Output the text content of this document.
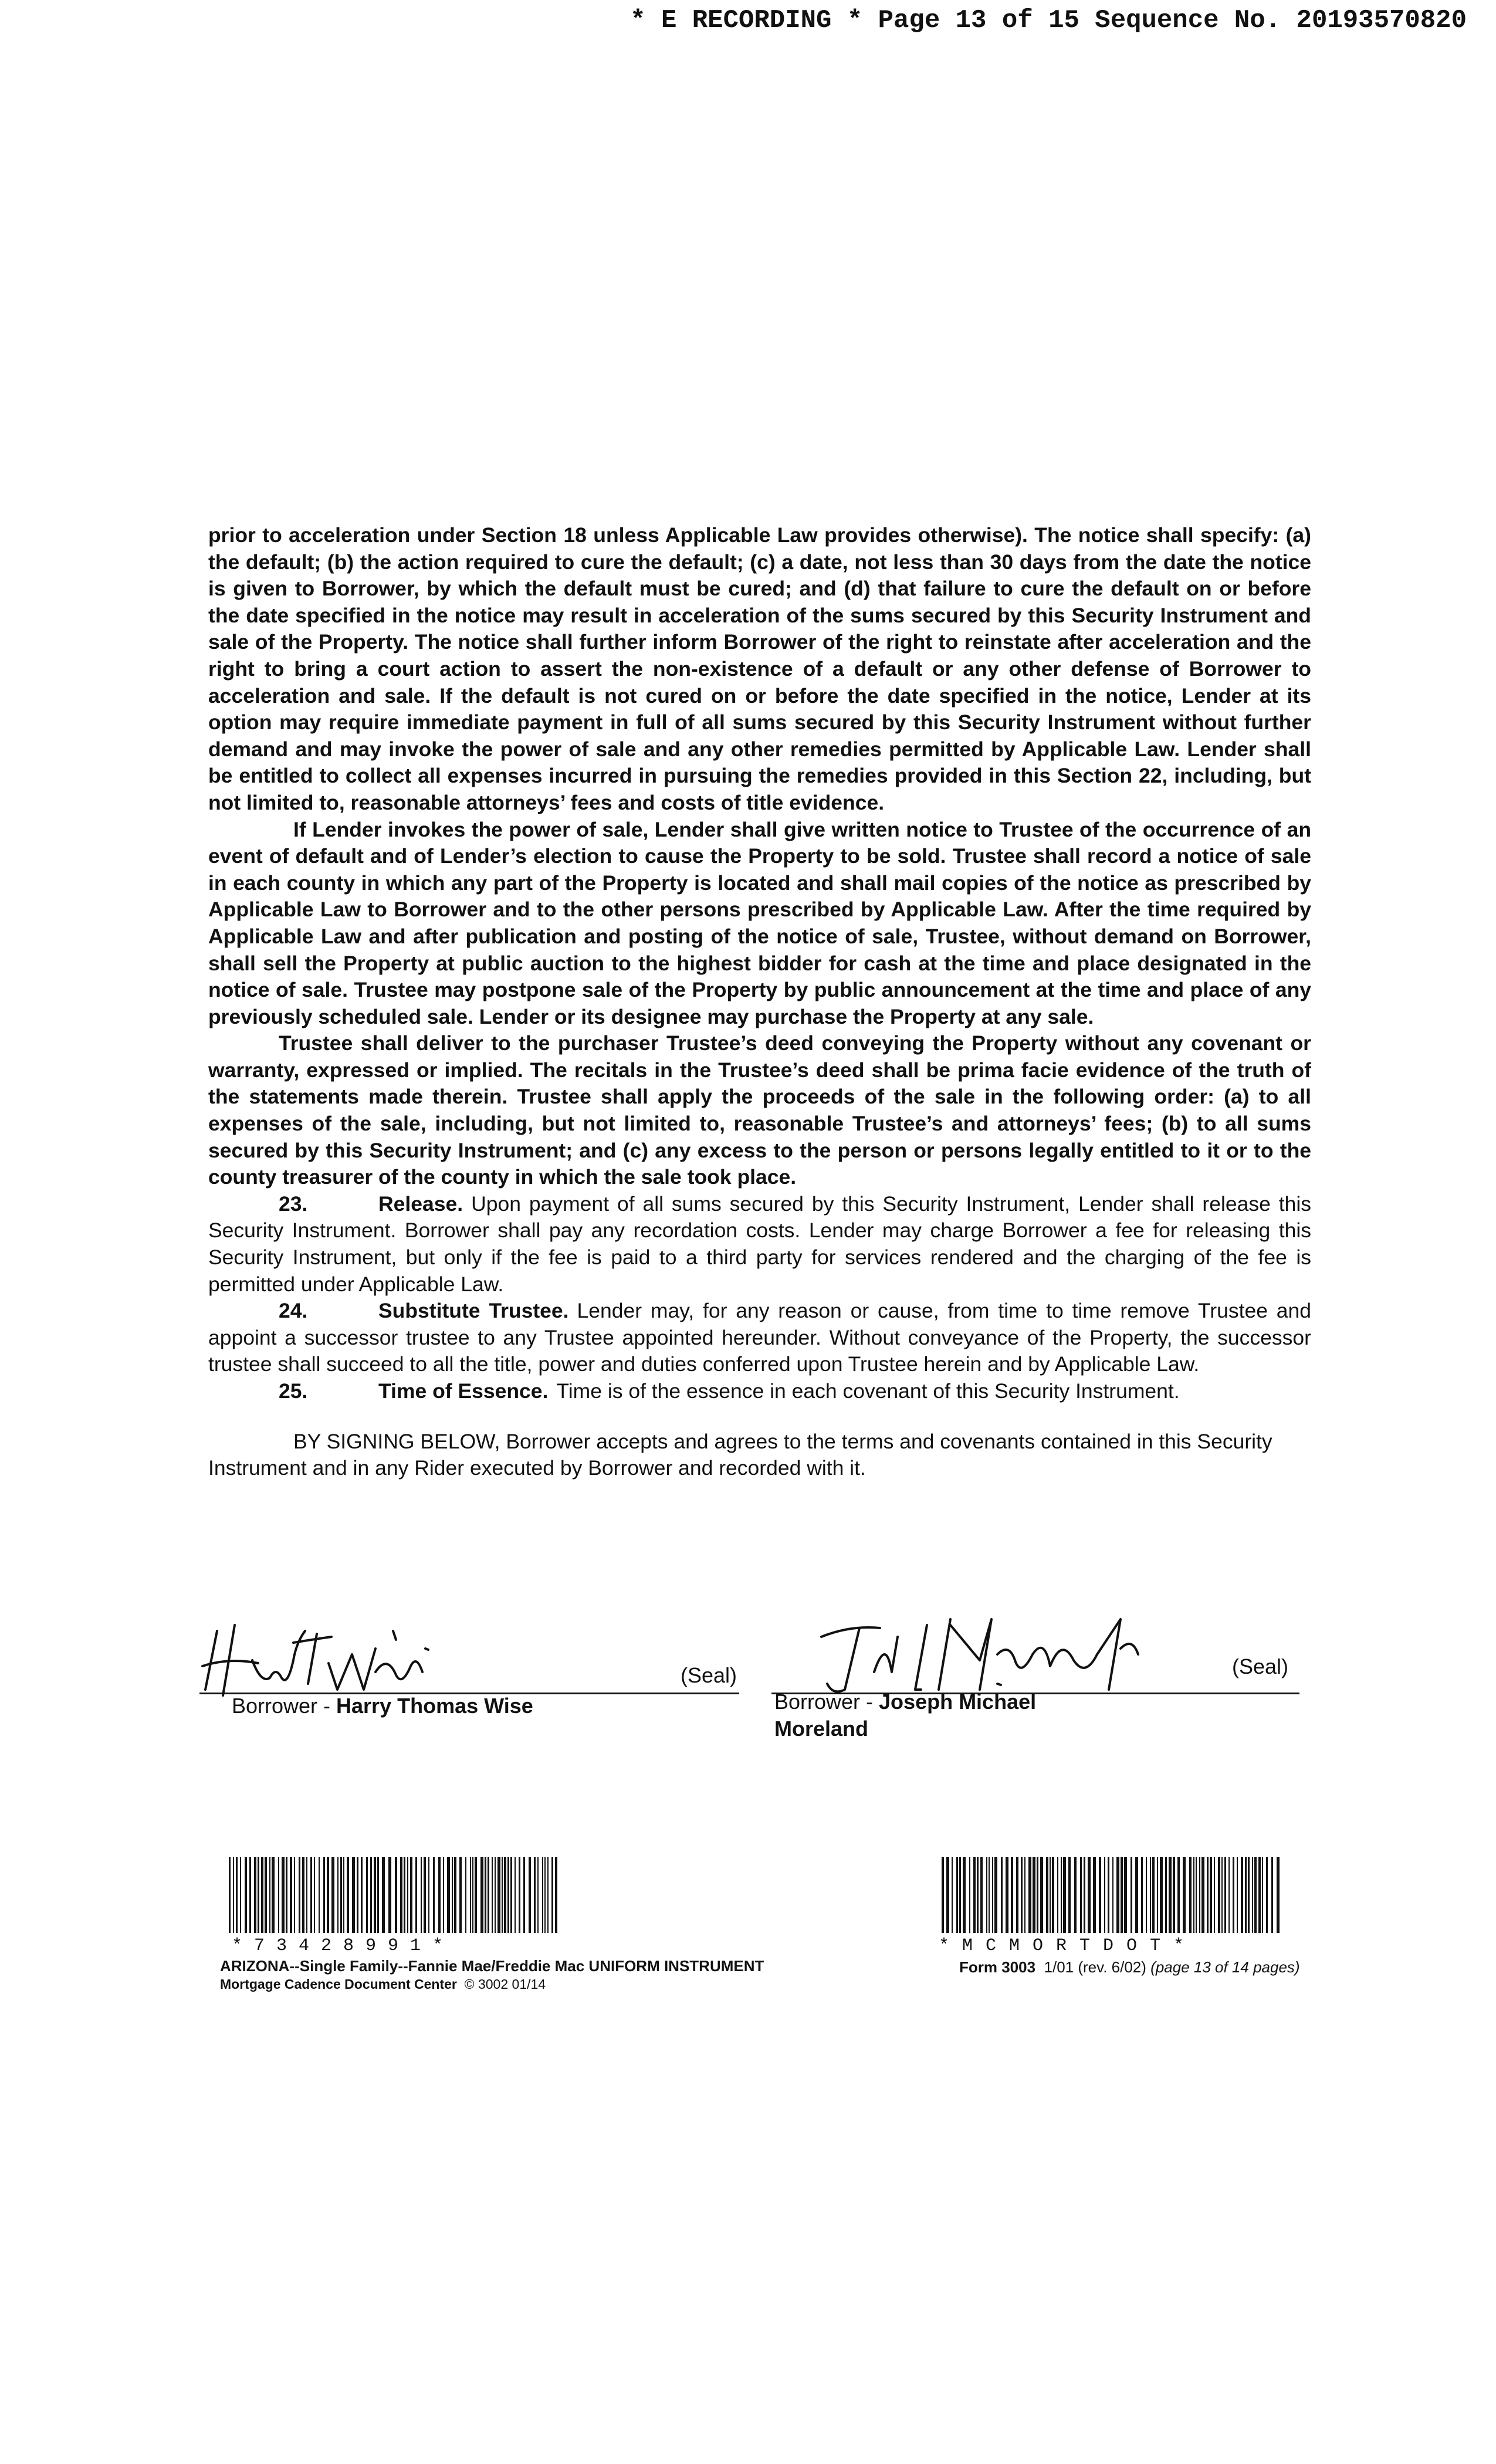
* E RECORDING * Page 13 of 15 Sequence No. 20193570820

prior to acceleration under Section 18 unless Applicable Law provides otherwise). The notice shall specify: (a) the default; (b) the action required to cure the default; (c) a date, not less than 30 days from the date the notice is given to Borrower, by which the default must be cured; and (d) that failure to cure the default on or before the date specified in the notice may result in acceleration of the sums secured by this Security Instrument and sale of the Property. The notice shall further inform Borrower of the right to reinstate after acceleration and the right to bring a court action to assert the non-existence of a default or any other defense of Borrower to acceleration and sale. If the default is not cured on or before the date specified in the notice, Lender at its option may require immediate payment in full of all sums secured by this Security Instrument without further demand and may invoke the power of sale and any other remedies permitted by Applicable Law. Lender shall be entitled to collect all expenses incurred in pursuing the remedies provided in this Section 22, including, but not limited to, reasonable attorneys’ fees and costs of title evidence.

If Lender invokes the power of sale, Lender shall give written notice to Trustee of the occurrence of an event of default and of Lender’s election to cause the Property to be sold. Trustee shall record a notice of sale in each county in which any part of the Property is located and shall mail copies of the notice as prescribed by Applicable Law to Borrower and to the other persons prescribed by Applicable Law. After the time required by Applicable Law and after publication and posting of the notice of sale, Trustee, without demand on Borrower, shall sell the Property at public auction to the highest bidder for cash at the time and place designated in the notice of sale. Trustee may postpone sale of the Property by public announcement at the time and place of any previously scheduled sale. Lender or its designee may purchase the Property at any sale.

Trustee shall deliver to the purchaser Trustee’s deed conveying the Property without any covenant or warranty, expressed or implied. The recitals in the Trustee’s deed shall be prima facie evidence of the truth of the statements made therein. Trustee shall apply the proceeds of the sale in the following order: (a) to all expenses of the sale, including, but not limited to, reasonable Trustee’s and attorneys’ fees; (b) to all sums secured by this Security Instrument; and (c) any excess to the person or persons legally entitled to it or to the county treasurer of the county in which the sale took place.

23.	Release. Upon payment of all sums secured by this Security Instrument, Lender shall release this Security Instrument. Borrower shall pay any recordation costs. Lender may charge Borrower a fee for releasing this Security Instrument, but only if the fee is paid to a third party for services rendered and the charging of the fee is permitted under Applicable Law.

24.	Substitute Trustee. Lender may, for any reason or cause, from time to time remove Trustee and appoint a successor trustee to any Trustee appointed hereunder. Without conveyance of the Property, the successor trustee shall succeed to all the title, power and duties conferred upon Trustee herein and by Applicable Law.

25.	Time of Essence. Time is of the essence in each covenant of this Security Instrument.

BY SIGNING BELOW, Borrower accepts and agrees to the terms and covenants contained in this Security Instrument and in any Rider executed by Borrower and recorded with it.

(Seal)
Borrower - Harry Thomas Wise
(Seal)
Borrower - Joseph Michael Moreland
*73428991*	*MCMORTDOT*
ARIZONA--Single Family--Fannie Mae/Freddie Mac UNIFORM INSTRUMENT
Mortgage Cadence Document Center © 3002 01/14
Form 3003 1/01 (rev. 6/02) (page 13 of 14 pages)
